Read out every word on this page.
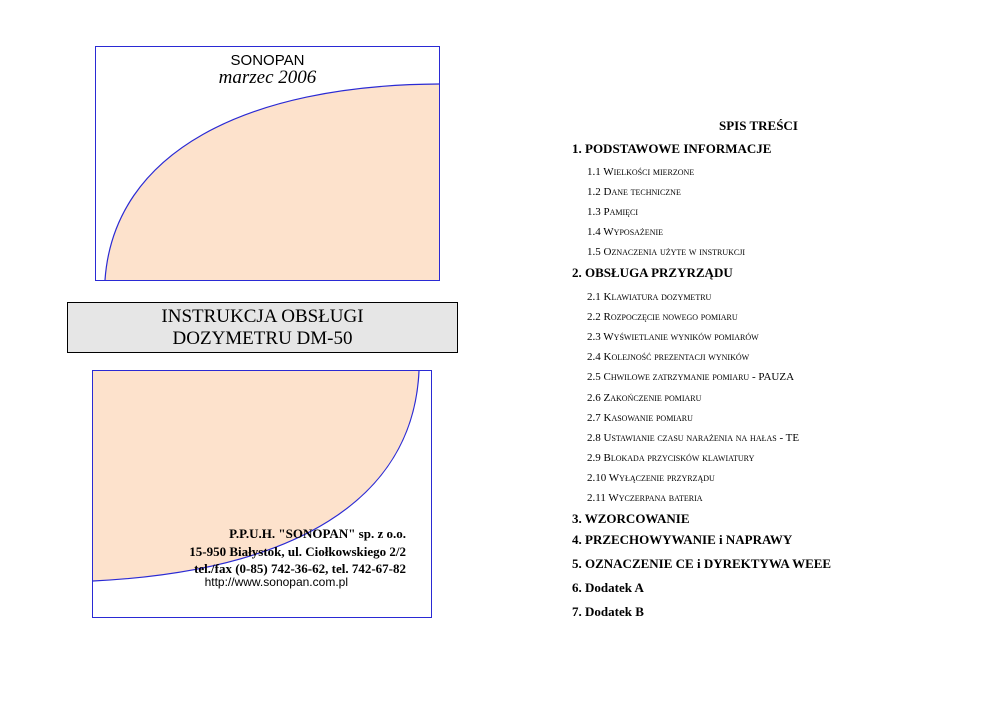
SONOPAN
marzec 2006
INSTRUKCJA OBSŁUGI
DOZYMETRU DM-50
P.P.U.H. "SONOPAN" sp. z o.o.
15-950 Białystok, ul. Ciołkowskiego 2/2
tel./fax (0-85) 742-36-62, tel. 742-67-82
http://www.sonopan.com.pl
SPIS TREŚCI
1. PODSTAWOWE INFORMACJE
1.1 Wielkości mierzone
1.2 Dane techniczne
1.3 Pamięci
1.4 Wyposażenie
1.5 Oznaczenia użyte w instrukcji
2. OBSŁUGA PRZYRZĄDU
2.1 Klawiatura dozymetru
2.2 Rozpoczęcie nowego pomiaru
2.3 Wyświetlanie wyników pomiarów
2.4 Kolejność prezentacji wyników
2.5 Chwilowe zatrzymanie pomiaru - PAUZA
2.6 Zakończenie pomiaru
2.7 Kasowanie pomiaru
2.8 Ustawianie czasu narażenia na hałas - TE
2.9 Blokada przycisków klawiatury
2.10 Wyłączenie przyrządu
2.11 Wyczerpana bateria
3. WZORCOWANIE
4. PRZECHOWYWANIE i NAPRAWY
5. OZNACZENIE CE i DYREKTYWA WEEE
6. Dodatek A
7. Dodatek B
